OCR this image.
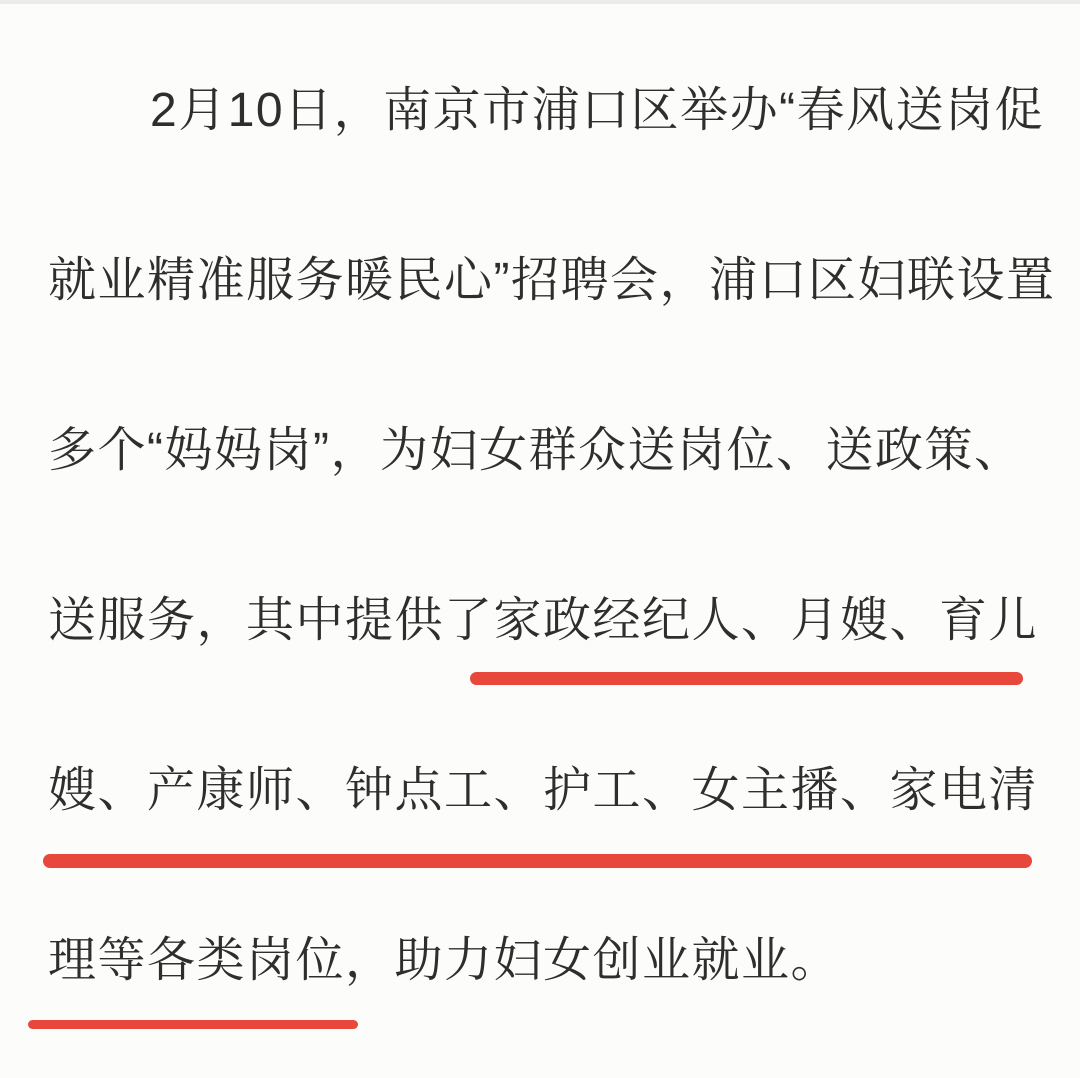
2月10日，南京市浦口区举办“春风送岗促
就业精准服务暖民心”招聘会，浦口区妇联设置
多个“妈妈岗”，为妇女群众送岗位、送政策、
送服务，其中提供了家政经纪人、月嫂、育儿
嫂、产康师、钟点工、护工、女主播、家电清
理等各类岗位，助力妇女创业就业。
